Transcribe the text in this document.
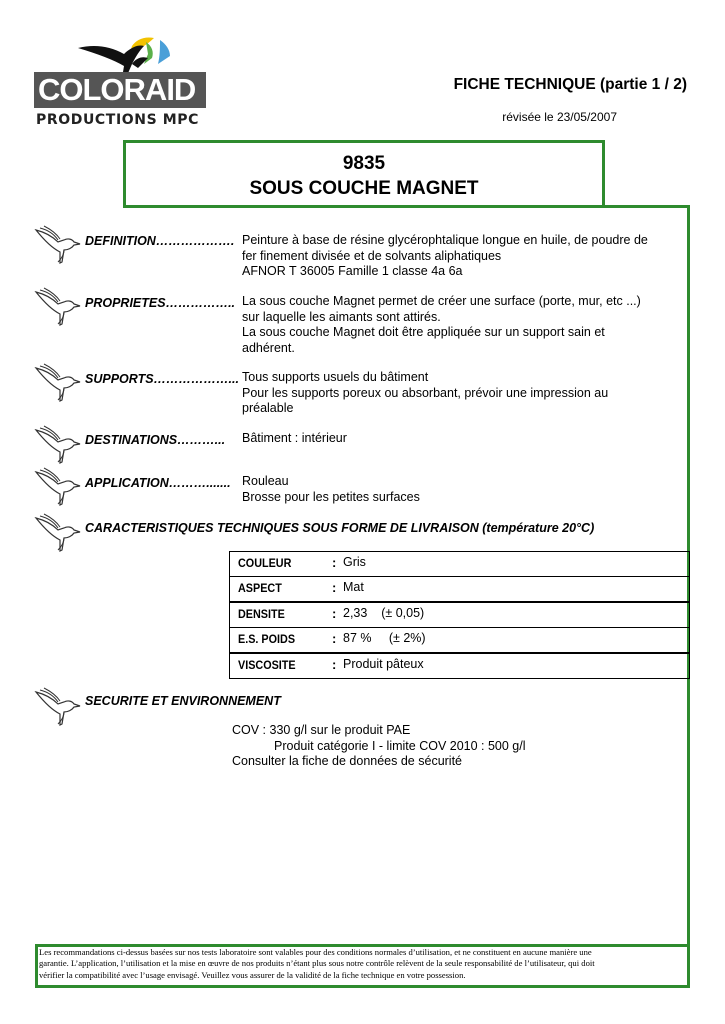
COLORAID
PRODUCTIONS MPC
FICHE TECHNIQUE (partie 1 / 2)
révisée le 23/05/2007
9835
SOUS COUCHE MAGNET
DEFINITION………………. Peinture à base de résine glycérophtalique longue en huile, de poudre de
fer finement divisée et de solvants aliphatiques
AFNOR T 36005 Famille 1 classe 4a 6a
PROPRIETES…………….. La sous couche Magnet permet de créer une surface (porte, mur, etc ...)
sur laquelle les aimants sont attirés.
La sous couche Magnet doit être appliquée sur un support sain et
adhérent.
SUPPORTS………………... Tous supports usuels du bâtiment
Pour les supports poreux ou absorbant, prévoir une impression au
préalable
DESTINATIONS………... Bâtiment : intérieur
APPLICATION………....... Rouleau
Brosse pour les petites surfaces
CARACTERISTIQUES TECHNIQUES SOUS FORME DE LIVRAISON (température 20°C)
COULEUR	: Gris
ASPECT	: Mat
DENSITE	: 2,33    (± 0,05)
E.S. POIDS	: 87 %     (± 2%)
VISCOSITE	: Produit pâteux
SECURITE ET ENVIRONNEMENT
COV : 330 g/l sur le produit PAE
Produit catégorie I - limite COV 2010 : 500 g/l
Consulter la fiche de données de sécurité
Les recommandations ci-dessus basées sur nos tests laboratoire sont valables pour des conditions normales d’utilisation, et ne constituent en aucune manière une
garantie. L’application, l’utilisation et la mise en œuvre de nos produits n’étant plus sous notre contrôle relèvent de la seule responsabilité de l’utilisateur, qui doit
vérifier la compatibilité avec l’usage envisagé. Veuillez vous assurer de la validité de la fiche technique en votre possession.
